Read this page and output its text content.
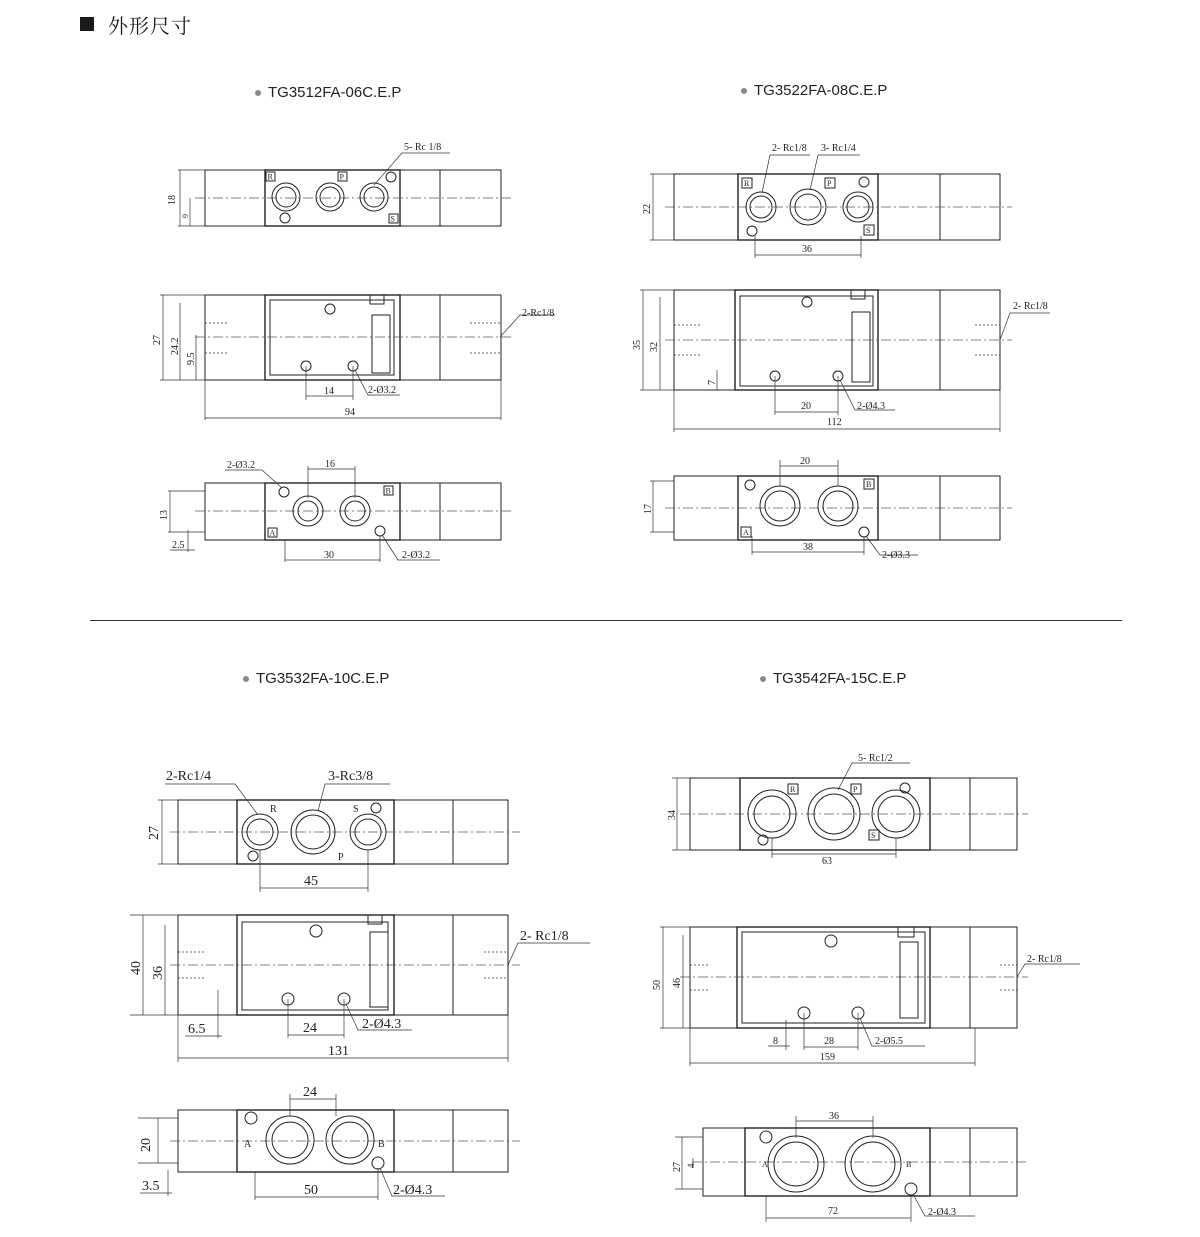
外形尺寸
TG3512FA-06C.E.P	TG3522FA-08C.E.P
TG3532FA-10C.E.P	TG3542FA-15C.E.P
R	P
S
5- Rc 1/8
18
9
2-Rc1/8
27 24.2
9.5
14	2-Ø3.2
94
A
B
2-Ø3.2	16
13
2.5
30	2-Ø3.2
R	P
S
2- Rc1/8 3- Rc1/4
22
36
2- Rc1/8
35 32
7
20	2-Ø4.3
112
A
B
20
17
38
2-Ø3.3
R
P
S
2-Rc1/4	3-Rc3/8
27
45
2- Rc1/8
40 36
6.5	24	2-Ø4.3
131
A	B
24
20
3.5	50	2-Ø4.3
R	P
S
5- Rc1/2
34
63
2- Rc1/8
50 46
8	28	2-Ø5.5
159
A	B
36
27 4
72	2-Ø4.3
